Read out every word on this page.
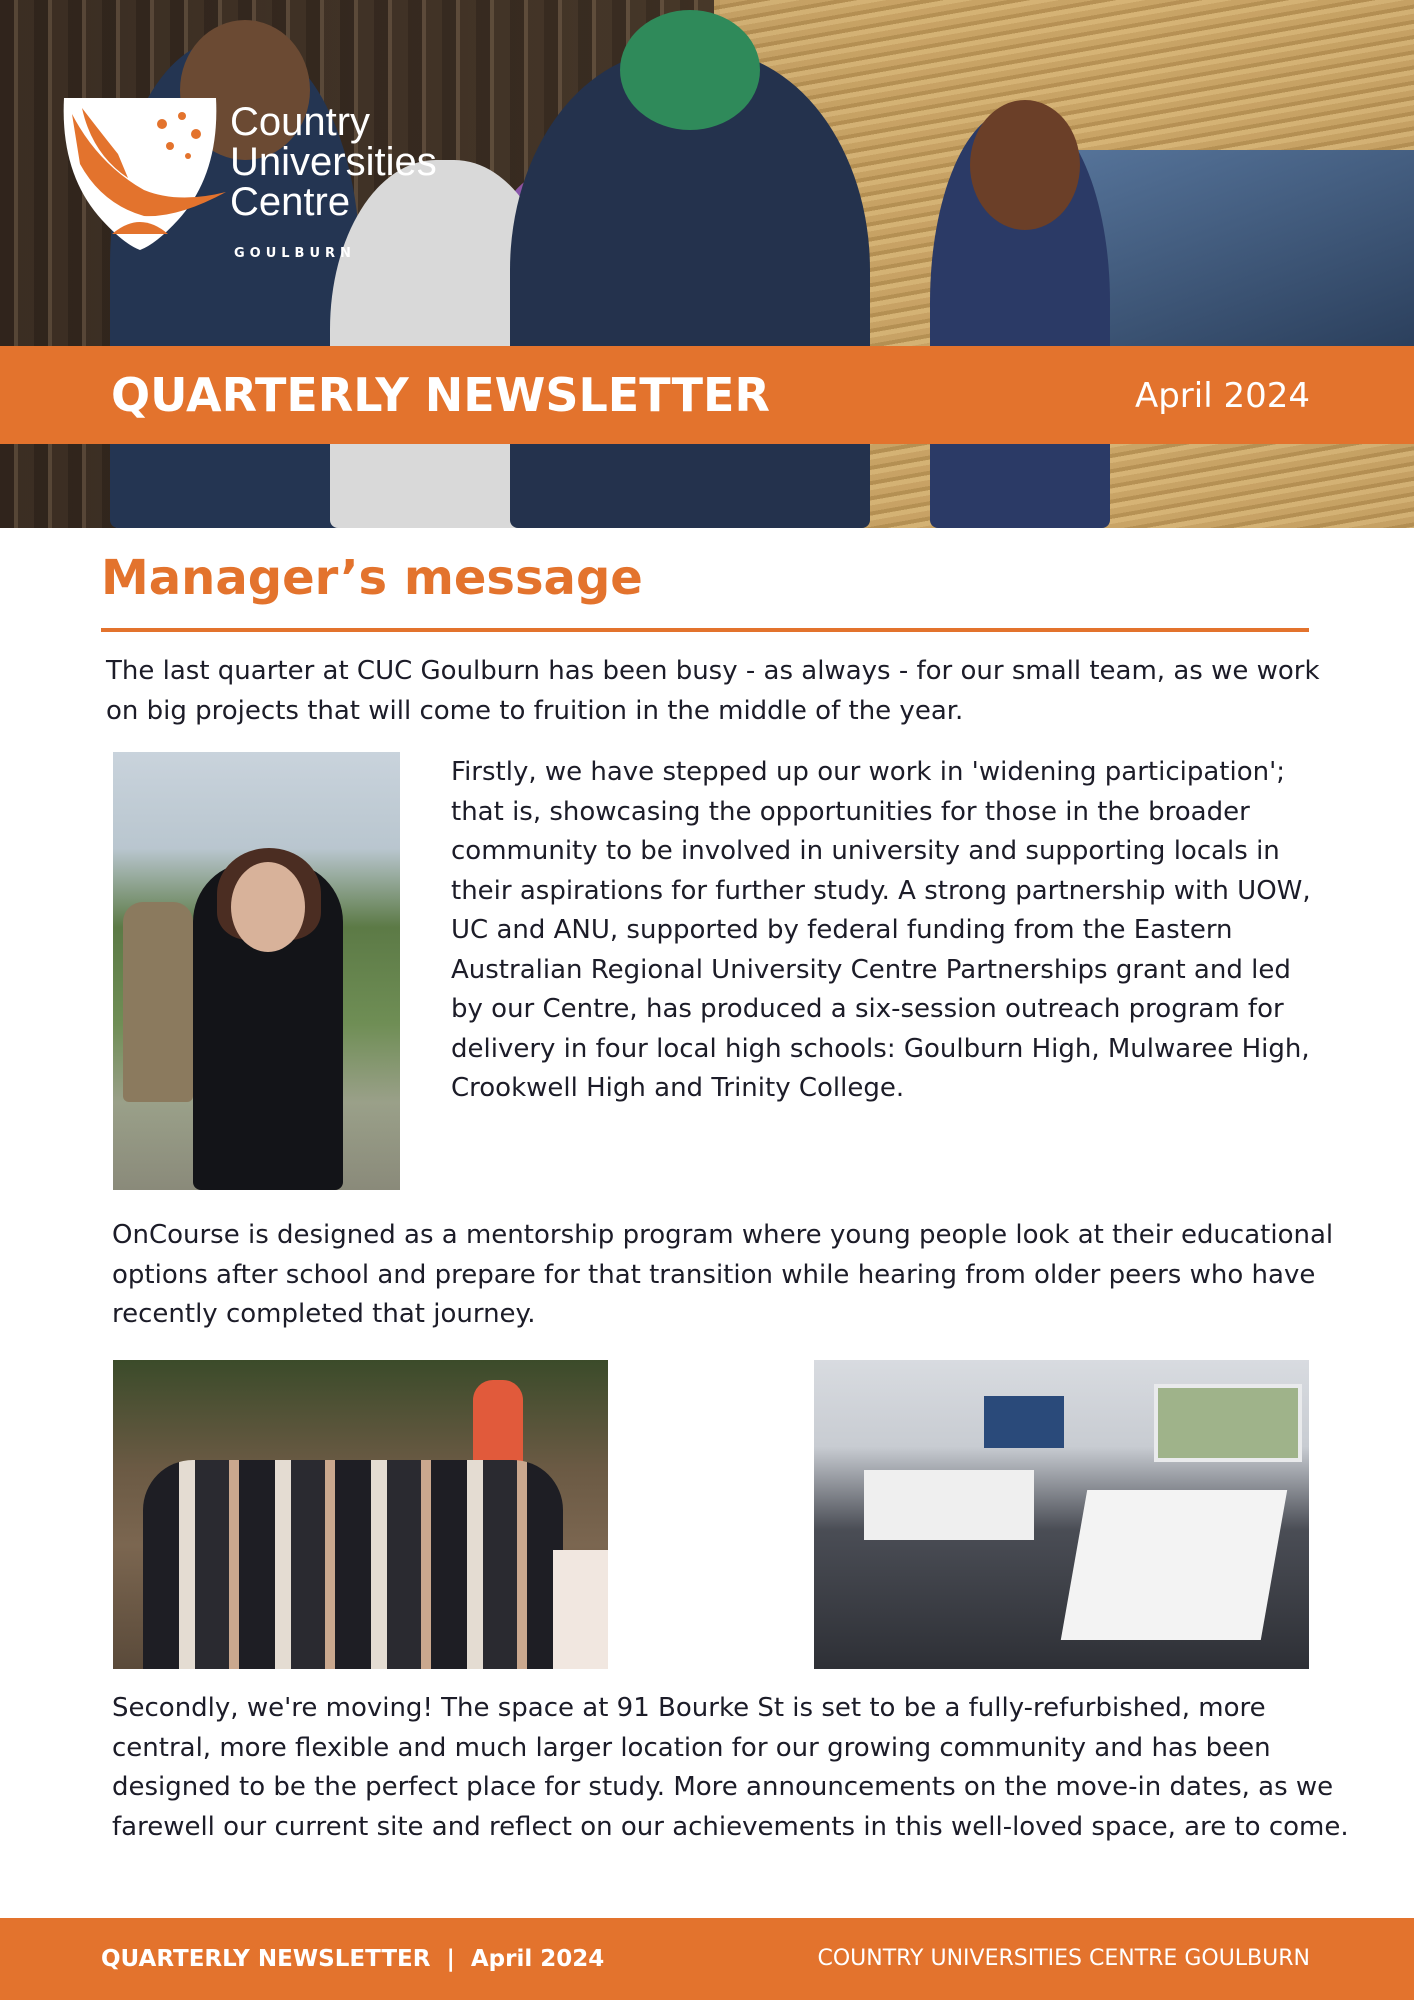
Country
Universities
Centre
GOULBURN
QUARTERLY NEWSLETTER	April 2024
Manager’s message

The last quarter at CUC Goulburn has been busy - as always - for our small team, as we work on big projects that will come to fruition in the middle of the year.

Firstly, we have stepped up our work in 'widening participation'; that is, showcasing the opportunities for those in the broader community to be involved in university and supporting locals in their aspirations for further study. A strong partnership with UOW, UC and ANU, supported by federal funding from the Eastern Australian Regional University Centre Partnerships grant and led by our Centre, has produced a six-session outreach program for delivery in four local high schools: Goulburn High, Mulwaree High, Crookwell High and Trinity College.

OnCourse is designed as a mentorship program where young people look at their educational options after school and prepare for that transition while hearing from older peers who have recently completed that journey.

Secondly, we're moving! The space at 91 Bourke St is set to be a fully-refurbished, more central, more flexible and much larger location for our growing community and has been designed to be the perfect place for study. More announcements on the move-in dates, as we farewell our current site and reflect on our achievements in this well-loved space, are to come.

QUARTERLY NEWSLETTER  |  April 2024	COUNTRY UNIVERSITIES CENTRE GOULBURN
